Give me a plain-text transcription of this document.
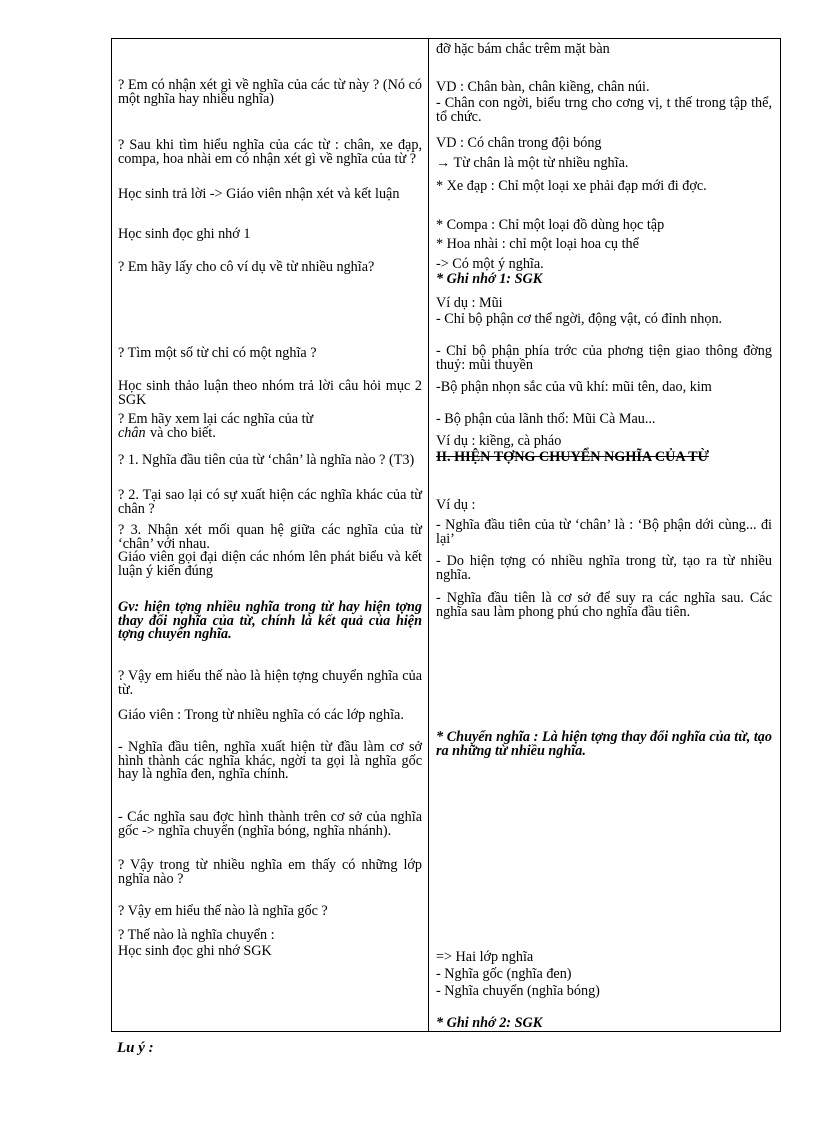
? Em có nhận xét gì về nghĩa của các từ này ? (Nó có một nghĩa hay nhiều nghĩa)
? Sau khi tìm hiểu nghĩa của các từ : chân, xe đạp, compa, hoa nhài em có nhận xét gì về nghĩa của từ ?
Học sinh trả lời -> Giáo viên nhận xét và kết luận
Học sinh đọc ghi nhớ 1
? Em hãy lấy cho cô ví dụ về từ nhiều nghĩa?
? Tìm một số từ chỉ có một nghĩa ?
Học sinh thảo luận theo nhóm trả lời câu hỏi mục 2 SGK
? Em hãy xem lại các nghĩa của từ
chân và cho biết.
? 1. Nghĩa đầu tiên của từ ‘chân’ là nghĩa nào ? (T3)
? 2. Tại sao lại có sự xuất hiện các nghĩa khác của từ chân ?
? 3. Nhận xét mối quan hệ giữa các nghĩa của từ ‘chân’ với nhau.
Giáo viên gọi đại diện các nhóm lên phát biểu và kết luận ý kiến đúng
Gv: hiện tợng nhiều nghĩa trong từ hay hiện tợng thay đổi nghĩa của từ, chính là kết quả của hiện tợng chuyển nghĩa.
? Vậy em hiểu thế nào là hiện tợng chuyển nghĩa của từ.
Giáo viên : Trong từ nhiều nghĩa có các lớp nghĩa.
- Nghĩa đầu tiên, nghĩa xuất hiện từ đầu làm cơ sở hình thành các nghĩa khác, ngời ta gọi là nghĩa gốc hay là nghĩa đen, nghĩa chính.
- Các nghĩa sau đợc hình thành trên cơ sở của nghĩa gốc -> nghĩa chuyển (nghĩa bóng, nghĩa nhánh).
? Vậy trong từ nhiều nghĩa em thấy có những lớp nghĩa nào ?
? Vậy em hiểu thế nào là nghĩa gốc ?
? Thế nào là nghĩa chuyển :
Học sinh đọc ghi nhớ SGK
đỡ hặc bám chắc trêm mặt bàn
VD : Chân bàn, chân kiềng, chân núi.
- Chân con ngời, biểu trng cho cơng vị, t thế trong tập thể, tổ chức.
VD : Có chân trong đội bóng
→ Từ chân là một từ nhiều nghĩa.
* Xe đạp : Chỉ một loại xe phải đạp mới đi đợc.
* Compa : Chỉ một loại đồ dùng học tập
* Hoa nhài : chỉ một loại hoa cụ thể
-> Có một ý nghĩa.
* Ghi nhớ 1: SGK
Ví dụ : Mũi
- Chỉ bộ phận cơ thể ngời, động vật, có đỉnh nhọn.
- Chỉ bộ phận phía trớc của phơng tiện giao thông đờng thuỷ: mũi thuyền
-Bộ phận nhọn sắc của vũ khí: mũi tên, dao, kim
- Bộ phận của lãnh thổ: Mũi Cà Mau...
Ví dụ : kiềng, cà pháo
II. HIỆN TỢNG CHUYỂN NGHĨA CỦA TỪ
Ví dụ :
- Nghĩa đầu tiên của từ ‘chân’ là : ‘Bộ phận dới cùng... đi lại’
- Do hiện tợng có nhiều nghĩa trong từ, tạo ra từ nhiều nghĩa.
- Nghĩa đầu tiên là cơ sở để suy ra các nghĩa sau. Các nghĩa sau làm phong phú cho nghĩa đầu tiên.
* Chuyển nghĩa : Là hiện tợng thay đổi nghĩa của từ, tạo ra những từ nhiều nghĩa.
=> Hai lớp nghĩa
- Nghĩa gốc (nghĩa đen)
- Nghĩa chuyển (nghĩa bóng)
* Ghi nhớ 2: SGK
Lu ý :
